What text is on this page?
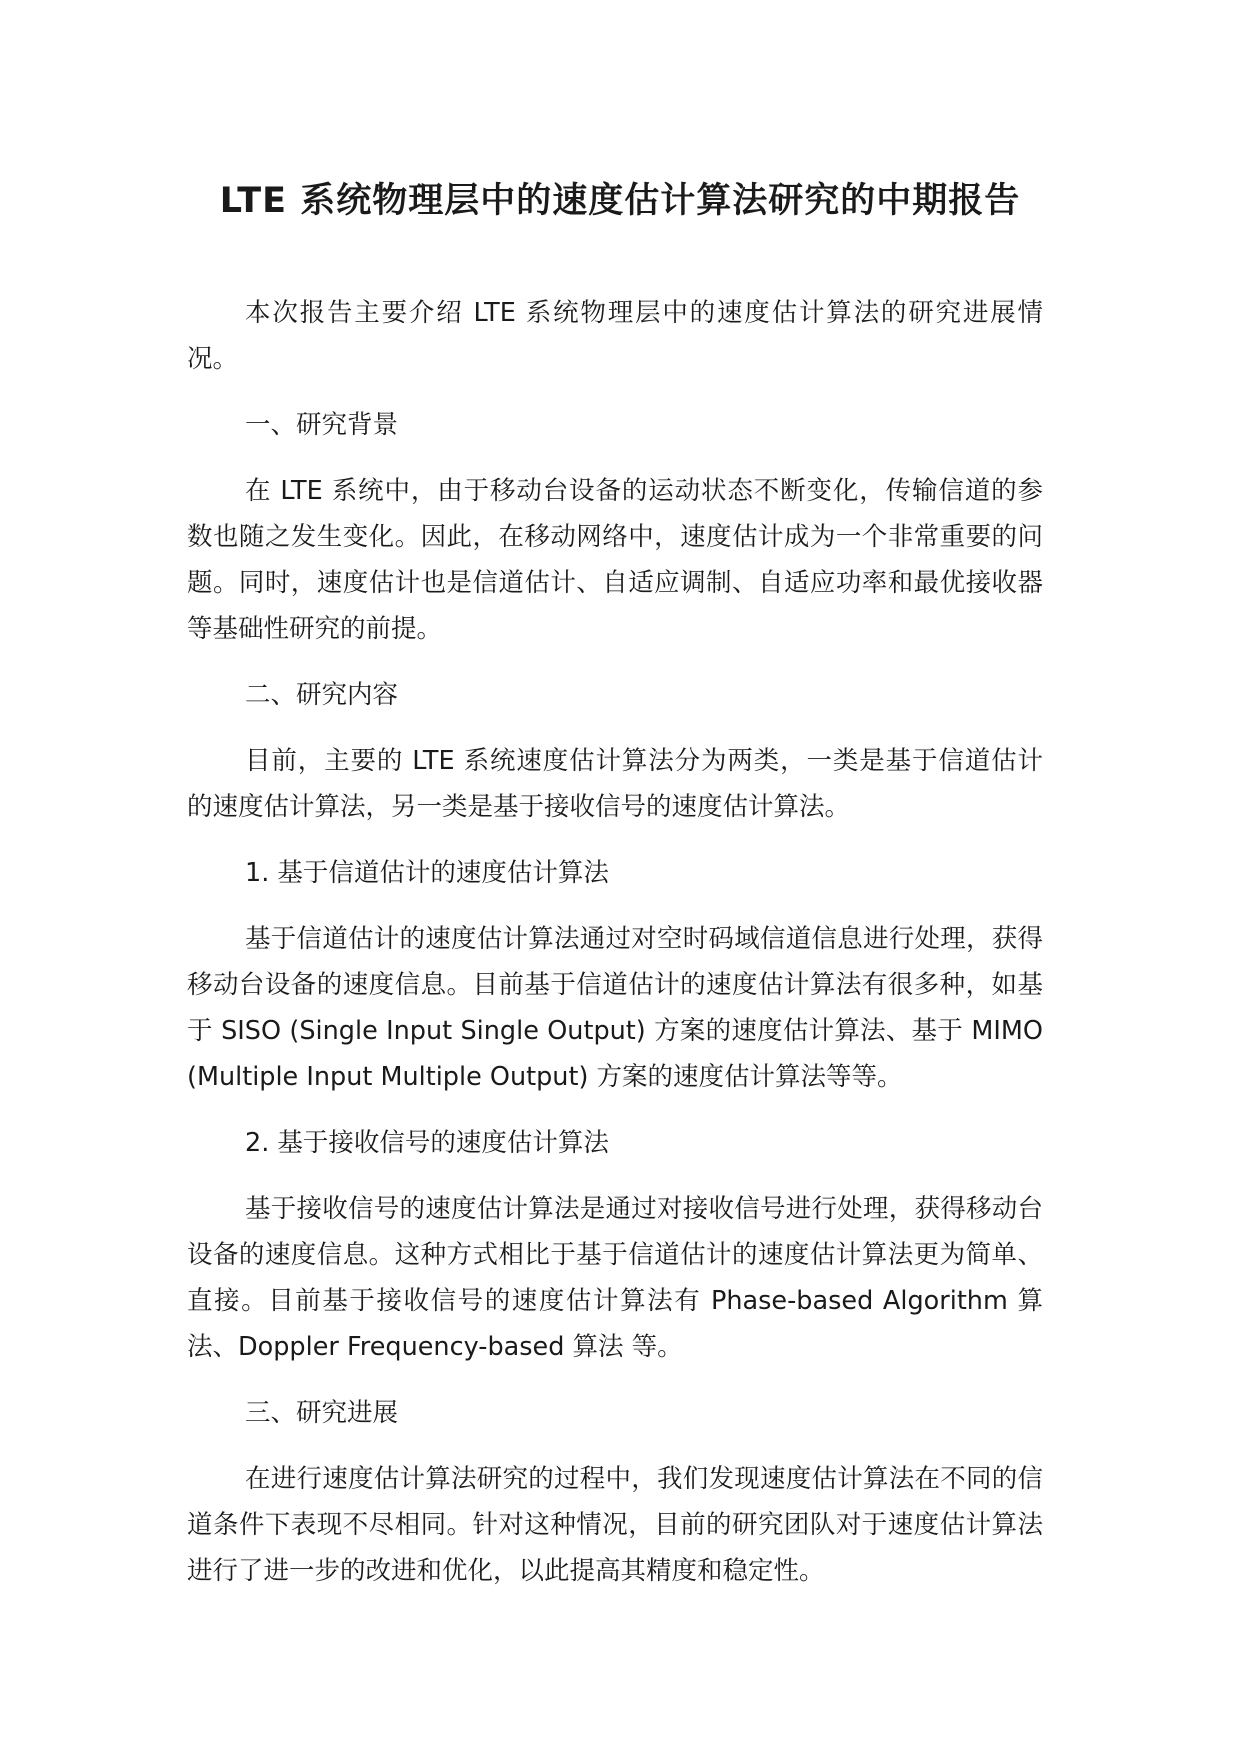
LTE 系统物理层中的速度估计算法研究的中期报告

本次报告主要介绍 LTE 系统物理层中的速度估计算法的研究进展情况。

一、研究背景

在 LTE 系统中，由于移动台设备的运动状态不断变化，传输信道的参数也随之发生变化。因此，在移动网络中，速度估计成为一个非常重要的问题。同时，速度估计也是信道估计、自适应调制、自适应功率和最优接收器等基础性研究的前提。

二、研究内容

目前，主要的 LTE 系统速度估计算法分为两类，一类是基于信道估计的速度估计算法，另一类是基于接收信号的速度估计算法。

1. 基于信道估计的速度估计算法

基于信道估计的速度估计算法通过对空时码域信道信息进行处理，获得移动台设备的速度信息。目前基于信道估计的速度估计算法有很多种，如基于 SISO (Single Input Single Output) 方案的速度估计算法、基于 MIMO (Multiple Input Multiple Output) 方案的速度估计算法等等。

2. 基于接收信号的速度估计算法

基于接收信号的速度估计算法是通过对接收信号进行处理，获得移动台设备的速度信息。这种方式相比于基于信道估计的速度估计算法更为简单、直接。目前基于接收信号的速度估计算法有 Phase-based Algorithm 算法、Doppler Frequency-based 算法 等。

三、研究进展

在进行速度估计算法研究的过程中，我们发现速度估计算法在不同的信道条件下表现不尽相同。针对这种情况，目前的研究团队对于速度估计算法进行了进一步的改进和优化，以此提高其精度和稳定性。
